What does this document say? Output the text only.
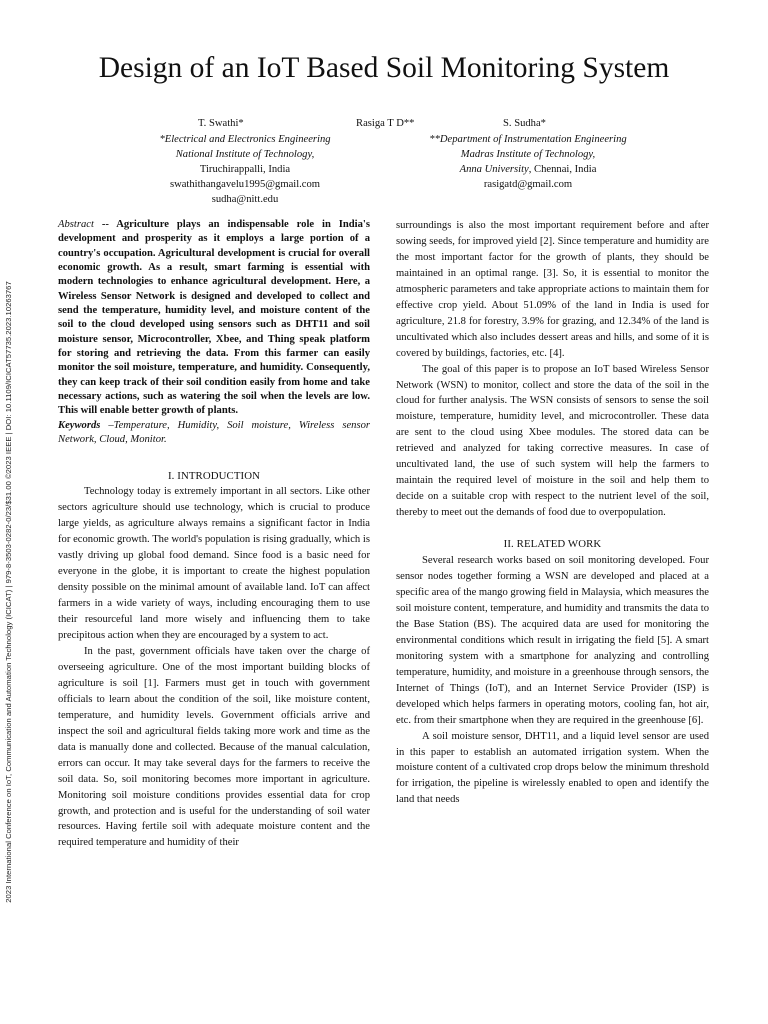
2023 International Conference on IoT, Communication and Automation Technology (ICICAT) | 979-8-3503-0282-0/23/$31.00 ©2023 IEEE | DOI: 10.1109/ICICAT57735.2023.10263767
Design of an IoT Based Soil Monitoring System
T. Swathi*	Rasiga T D**	S. Sudha*
*Electrical and Electronics Engineering
National Institute of Technology,
Tiruchirappalli, India
swathithangavelu1995@gmail.com
sudha@nitt.edu
**Department of Instrumentation Engineering
Madras Institute of Technology,
Anna University, Chennai, India
rasigatd@gmail.com

Abstract -- Agriculture plays an indispensable role in India's development and prosperity as it employs a large portion of a country's occupation. Agricultural development is crucial for overall economic growth. As a result, smart farming is essential with modern technologies to enhance agricultural development. Here, a Wireless Sensor Network is designed and developed to collect and send the temperature, humidity level, and moisture content of the soil to the cloud developed using sensors such as DHT11 and soil moisture sensor, Microcontroller, Xbee, and Thing speak platform for storing and retrieving the data. From this farmer can easily monitor the soil moisture, temperature, and humidity. Consequently, they can keep track of their soil condition easily from home and take necessary actions, such as watering the soil when the levels are low. This will enable better growth of plants.

Keywords –Temperature, Humidity, Soil moisture, Wireless sensor Network, Cloud, Monitor.

I. INTRODUCTION

Technology today is extremely important in all sectors. Like other sectors agriculture should use technology, which is crucial to produce large yields, as agriculture always remains a significant factor in India for economic growth. The world's population is rising gradually, which is vastly driving up global food demand. Since food is a basic need for everyone in the globe, it is important to create the highest population density possible on the minimal amount of available land. IoT can affect farmers in a wide variety of ways, including encouraging them to use their resourceful land more wisely and influencing them to take precipitous action when they are encouraged by a system to act.

In the past, government officials have taken over the charge of overseeing agriculture. One of the most important building blocks of agriculture is soil [1]. Farmers must get in touch with government officials to learn about the condition of the soil, like moisture content, temperature, and humidity levels. Government officials arrive and inspect the soil and agricultural fields taking more work and time as the data is manually done and collected. Because of the manual calculation, errors can occur. It may take several days for the farmers to receive the soil data. So, soil monitoring becomes more important in agriculture. Monitoring soil moisture conditions provides essential data for crop growth, and protection and is useful for the understanding of soil water resources. Having fertile soil with adequate moisture content and the required temperature and humidity of their

surroundings is also the most important requirement before and after sowing seeds, for improved yield [2]. Since temperature and humidity are the most important factor for the growth of plants, they should be maintained in an optimal range. [3]. So, it is essential to monitor the atmospheric parameters and take appropriate actions to maintain them for effective crop yield. About 51.09% of the land in India is used for agriculture, 21.8 for forestry, 3.9% for grazing, and 12.34% of the land is uncultivated which also includes dessert areas and hills, and some of it is covered by buildings, factories, etc. [4].

The goal of this paper is to propose an IoT based Wireless Sensor Network (WSN) to monitor, collect and store the data of the soil in the cloud for further analysis. The WSN consists of sensors to sense the soil moisture, temperature, humidity level, and microcontroller. These data are sent to the cloud using Xbee modules. The stored data can be retrieved and analyzed for taking corrective measures. In case of uncultivated land, the use of such system will help the farmers to maintain the required level of moisture in the soil and help them to decide on a suitable crop with respect to the nutrient level of the soil, thereby to meet out the demands of food due to overpopulation.

II. RELATED WORK

Several research works based on soil monitoring developed. Four sensor nodes together forming a WSN are developed and placed at a specific area of the mango growing field in Malaysia, which measures the soil moisture content, temperature, and humidity and transmits the data to the Base Station (BS). The acquired data are used for monitoring the environmental conditions which result in irrigating the field [5]. A smart monitoring system with a smartphone for analyzing and controlling temperature, humidity, and moisture in a greenhouse through sensors, the Internet of Things (IoT), and an Internet Service Provider (ISP) is developed which helps farmers in operating motors, cooling fan, hot air, etc. from their smartphone when they are required in the greenhouse [6].

A soil moisture sensor, DHT11, and a liquid level sensor are used in this paper to establish an automated irrigation system. When the moisture content of a cultivated crop drops below the minimum threshold for irrigation, the pipeline is wirelessly enabled to open and identify the land that needs
